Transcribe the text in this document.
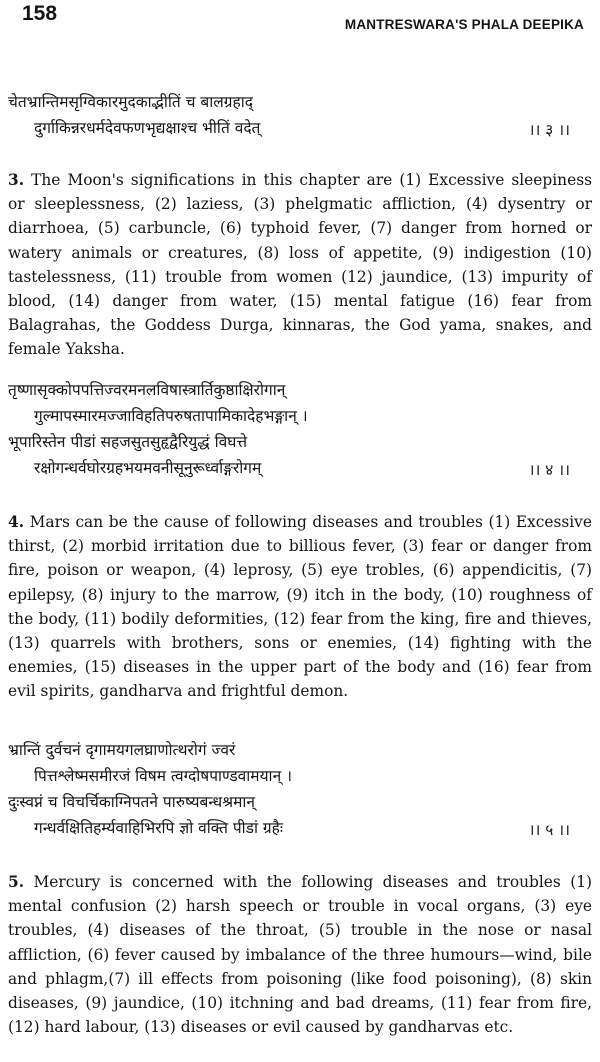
158	MANTRESWARA'S PHALA DEEPIKA
चेतभ्रान्तिमसृग्विकारमुदकाद्भीतिं च बालग्रहाद्
दुर्गाकिन्नरधर्मदेवफणभृद्यक्षाश्च भीतिं वदेत्	।। ३ ।।
3. The Moon's significations in this chapter are (1) Excessive sleepiness or sleeplessness, (2) laziess, (3) phelgmatic affliction, (4) dysentry or diarrhoea, (5) carbuncle, (6) typhoid fever, (7) danger from horned or watery animals or creatures, (8) loss of appetite, (9) indigestion (10) tastelessness, (11) trouble from women (12) jaundice, (13) impurity of blood, (14) danger from water, (15) mental fatigue (16) fear from Balagrahas, the Goddess Durga, kinnaras, the God yama, snakes, and female Yaksha.
तृष्णासृक्कोपपत्तिज्वरमनलविषास्त्रार्तिकुष्ठाक्षिरोगान्
गुल्मापस्मारमज्जाविहतिपरुषतापामिकादेहभङ्गान् ।
भूपारिस्तेन पीडां सहजसुतसुहृद्वैरियुद्धं विघत्ते
रक्षोगन्धर्वघोरग्रहभयमवनीसूनुरूर्ध्वाङ्गरोगम्	।। ४ ।।
4. Mars can be the cause of following diseases and troubles (1) Excessive thirst, (2) morbid irritation due to billious fever, (3) fear or danger from fire, poison or weapon, (4) leprosy, (5) eye trobles, (6) appendicitis, (7) epilepsy, (8) injury to the marrow, (9) itch in the body, (10) roughness of the body, (11) bodily deformities, (12) fear from the king, fire and thieves, (13) quarrels with brothers, sons or enemies, (14) fighting with the enemies, (15) diseases in the upper part of the body and (16) fear from evil spirits, gandharva and frightful demon.
भ्रान्तिं दुर्वचनं दृगामयगलघ्राणोत्थरोगं ज्वरं
पित्तश्लेष्मसमीरजं विषम त्वग्दोषपाण्डवामयान् ।
दुःस्वप्नं च विचर्चिकाग्निपतने पारुष्यबन्धश्रमान्
गन्धर्वक्षितिहर्म्यवाहिभिरपि ज्ञो वक्ति पीडां ग्रहैः	।। ५ ।।
5. Mercury is concerned with the following diseases and troubles (1) mental confusion (2) harsh speech or trouble in vocal organs, (3) eye troubles, (4) diseases of the throat, (5) trouble in the nose or nasal affliction, (6) fever caused by imbalance of the three humours—wind, bile and phlagm,(7) ill effects from poisoning (like food poisoning), (8) skin diseases, (9) jaundice, (10) itchning and bad dreams, (11) fear from fire, (12) hard labour, (13) diseases or evil caused by gandharvas etc.
